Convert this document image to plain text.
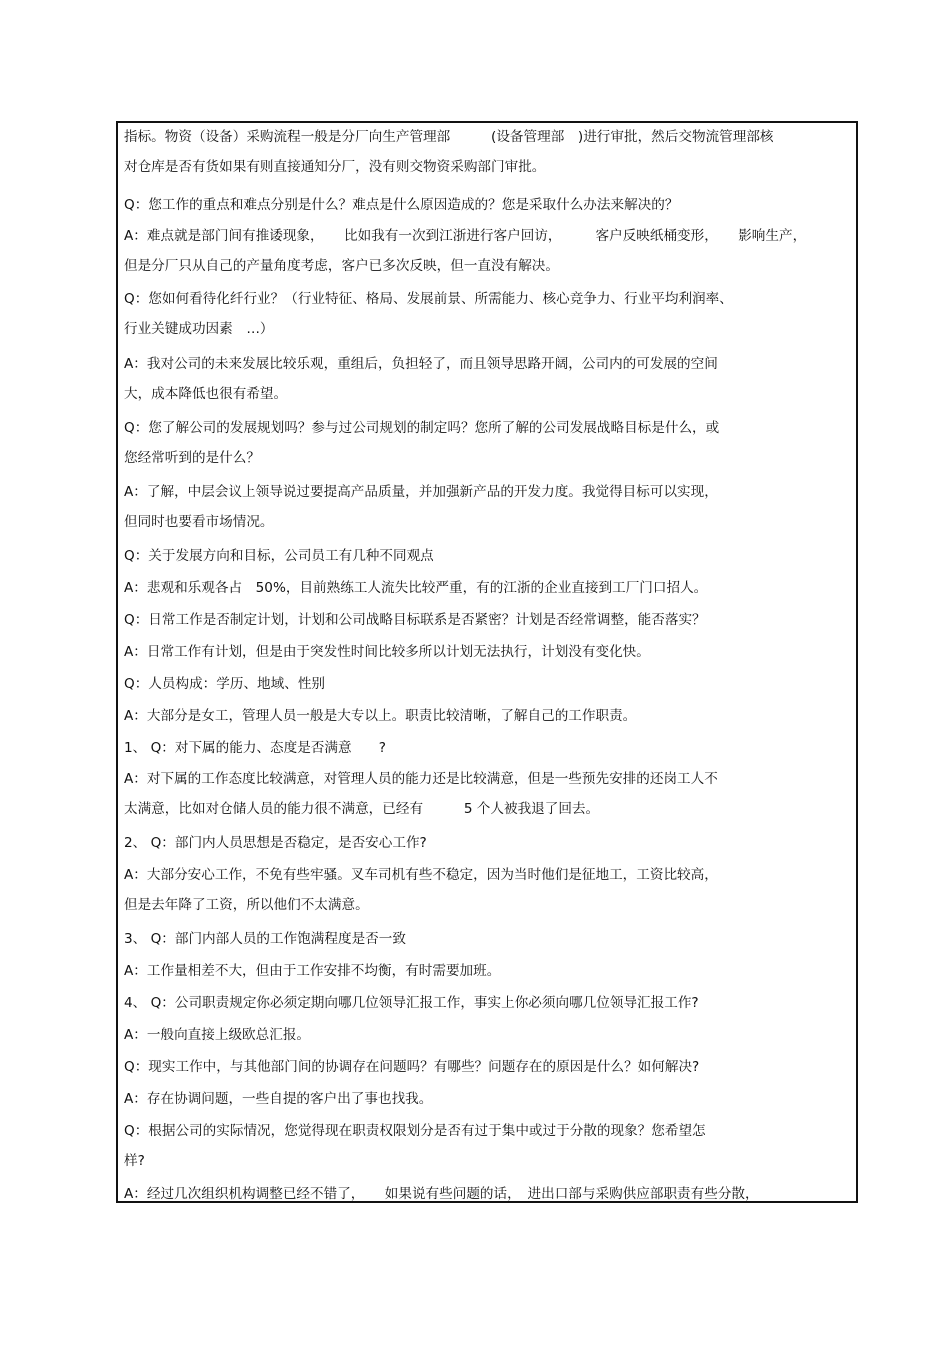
指标。物资（设备）采购流程一般是分厂向生产管理部　　　(设备管理部　)进行审批，然后交物流管理部核
对仓库是否有货如果有则直接通知分厂，没有则交物资采购部门审批。
Q：您工作的重点和难点分别是什么？难点是什么原因造成的？您是采取什么办法来解决的？
A：难点就是部门间有推诿现象，　　比如我有一次到江浙进行客户回访，　　　客户反映纸桶变形，　　影响生产，
但是分厂只从自己的产量角度考虑，客户已多次反映，但一直没有解决。
Q：您如何看待化纤行业？（行业特征、格局、发展前景、所需能力、核心竞争力、行业平均利润率、
行业关键成功因素　…）
A：我对公司的未来发展比较乐观，重组后，负担轻了，而且领导思路开阔，公司内的可发展的空间
大，成本降低也很有希望。
Q：您了解公司的发展规划吗？参与过公司规划的制定吗？您所了解的公司发展战略目标是什么，或
您经常听到的是什么？
A：了解，中层会议上领导说过要提高产品质量，并加强新产品的开发力度。我觉得目标可以实现，
但同时也要看市场情况。
Q：关于发展方向和目标，公司员工有几种不同观点
A：悲观和乐观各占　50%，目前熟练工人流失比较严重，有的江浙的企业直接到工厂门口招人。
Q：日常工作是否制定计划，计划和公司战略目标联系是否紧密？计划是否经常调整，能否落实？
A：日常工作有计划，但是由于突发性时间比较多所以计划无法执行，计划没有变化快。
Q：人员构成：学历、地域、性别
A：大部分是女工，管理人员一般是大专以上。职责比较清晰，了解自己的工作职责。
1、 Q：对下属的能力、态度是否满意　　?
A：对下属的工作态度比较满意，对管理人员的能力还是比较满意，但是一些预先安排的还岗工人不
太满意，比如对仓储人员的能力很不满意，已经有　　　5 个人被我退了回去。
2、 Q：部门内人员思想是否稳定，是否安心工作?
A：大部分安心工作，不免有些牢骚。叉车司机有些不稳定，因为当时他们是征地工，工资比较高，
但是去年降了工资，所以他们不太满意。
3、 Q：部门内部人员的工作饱满程度是否一致
A：工作量相差不大，但由于工作安排不均衡，有时需要加班。
4、 Q：公司职责规定你必须定期向哪几位领导汇报工作，事实上你必须向哪几位领导汇报工作?
A：一般向直接上级欧总汇报。
Q：现实工作中，与其他部门间的协调存在问题吗？有哪些？问题存在的原因是什么？如何解决?
A：存在协调问题，一些自提的客户出了事也找我。
Q：根据公司的实际情况，您觉得现在职责权限划分是否有过于集中或过于分散的现象？您希望怎
样?
A：经过几次组织机构调整已经不错了，　　如果说有些问题的话，　进出口部与采购供应部职责有些分散，
